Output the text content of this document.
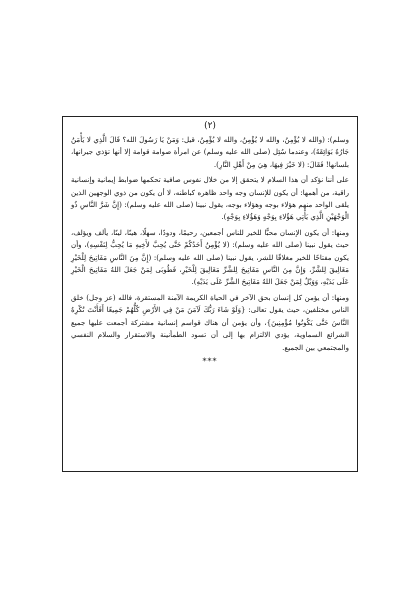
(٢)

وسلم): (والله لا يُؤْمِنُ، والله لا يُؤْمِنُ، والله لا يُؤْمِنُ، قيل: وَمَنْ يَا رَسُولَ الله؟ قَالَ الَّذِي لا يَأْمَنُ جَارُهُ بَوَائِقَهُ)، وعندما سُئِل (صلى الله عليه وسلم) عن امرأة صوامة قوامة إلا أنها تؤذي جيرانها، بلسانها! فَقَالَ: (لا خَيْرَ فِيهَا، هِيَ مِنْ أَهْلِ النَّارِ).

على أننا نؤكد أن هذا السلام لا يتحقق إلا من خلال نفوس صافية تحكمها ضوابط إيمانية وإنسانية راقية، من أهمها: أن يكون للإنسان وجه واحد ظاهره كباطنه، لا أن يكون من ذوي الوجهين الذين يلقى الواحد منهم هؤلاء بوجه وهؤلاء بوجه، يقول نبينا (صلى الله عليه وسلم): (إِنَّ شَرَّ النَّاسِ ذُو الْوَجْهَيْنِ الَّذِي يَأْتِي هَؤُلاءِ بِوَجْهٍ وَهَؤُلاءِ بِوَجْهٍ).

ومنها: أن يكون الإنسان محبًّا للخير للناس أجمعين، رحيمًا، ودودًا، سهلًا، هينًا، لينًا، يألف ويؤلف، حيث يقول نبينا (صلى الله عليه وسلم): (لا يُؤْمِنُ أَحَدُكُمْ حَتَّى يُحِبَّ لأَخِيهِ مَا يُحِبُّ لِنَفْسِهِ)، وأن يكون مفتاحًا للخير مغلاقًا للشر، يقول نبينا (صلى الله عليه وسلم): (إِنَّ مِنَ النَّاسِ مَفَاتِيحَ لِلْخَيْرِ مَغَالِيقَ لِلشَّرِّ، وَإِنَّ مِنَ النَّاسِ مَفَاتِيحَ لِلشَّرِّ مَغَالِيقَ لِلْخَيْرِ، فَطُوبَى لِمَنْ جَعَلَ اللهُ مَفَاتِيحَ الْخَيْرِ عَلَى يَدَيْهِ، وَوَيْلٌ لِمَنْ جَعَلَ اللهُ مَفَاتِيحَ الشَّرِّ عَلَى يَدَيْهِ).

ومنها: أن يؤمن كل إنسان بحق الآخر في الحياة الكريمة الآمنة المستقرة، فالله (عز وجل) خلق الناس مختلفين، حيث يقول تعالى: {وَلَوْ شَاءَ رَبُّكَ لَآمَنَ مَنْ فِي الأَرْضِ كُلُّهُمْ جَمِيعًا أَفَأَنْتَ تُكْرِهُ النَّاسَ حَتَّى يَكُونُوا مُؤْمِنِينَ}، وأن يؤمن أن هناك قواسم إنسانية مشتركة أجمعت عليها جميع الشرائع السماوية، يؤدي الالتزام بها إلى أن تسود الطمأنينة والاستقرار والسلام النفسي والمجتمعي بين الجميع.

***
